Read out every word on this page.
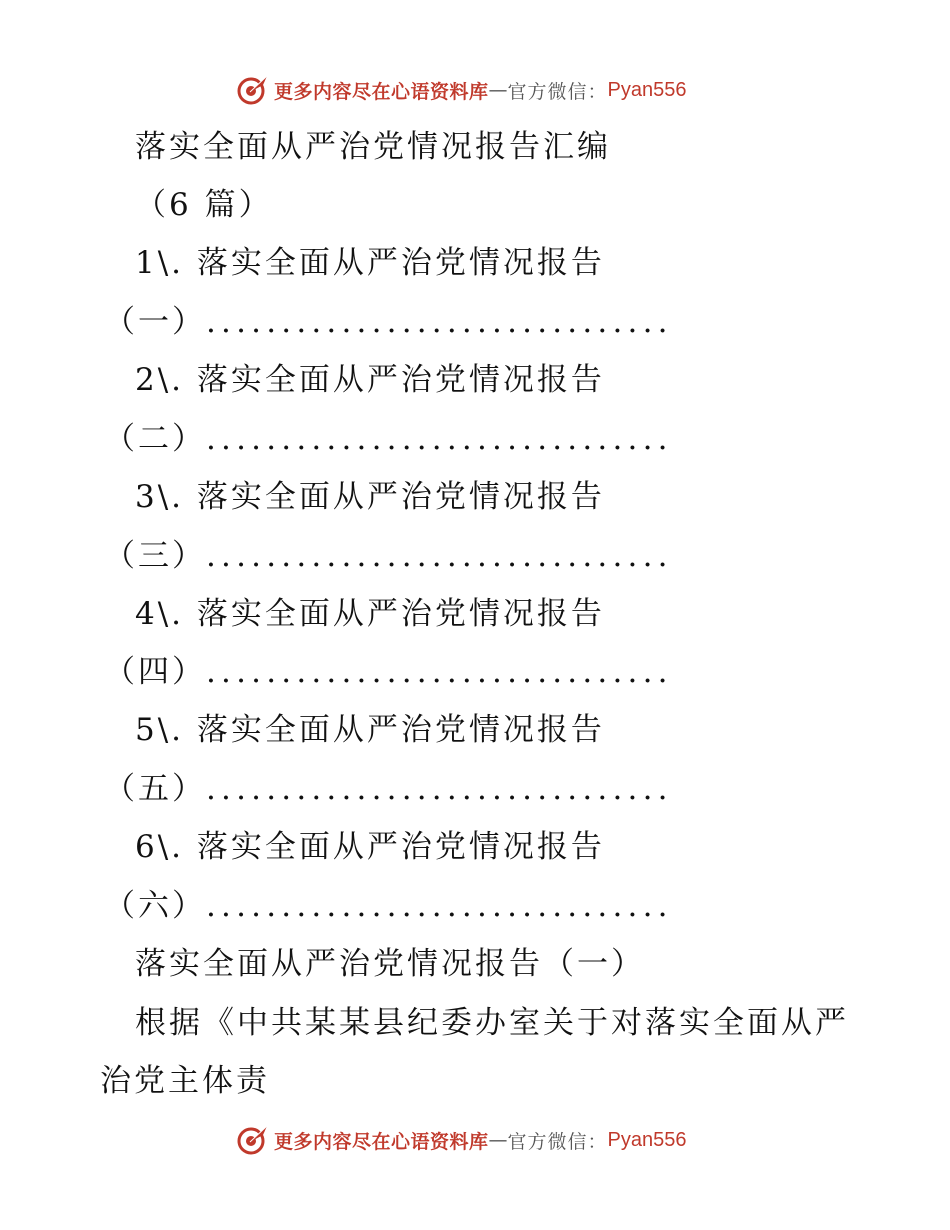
更多内容尽在心语资料库 — 官方微信： Pyan556
落实全面从严治党情况报告汇编
（6 篇）
1\. 落实全面从严治党情况报告
（一）...............................
2\. 落实全面从严治党情况报告
（二）...............................
3\. 落实全面从严治党情况报告
（三）...............................
4\. 落实全面从严治党情况报告
（四）...............................
5\. 落实全面从严治党情况报告
（五）...............................
6\. 落实全面从严治党情况报告
（六）...............................
落实全面从严治党情况报告（一）
根据《中共某某县纪委办室关于对落实全面从严
治党主体责
更多内容尽在心语资料库 — 官方微信： Pyan556
